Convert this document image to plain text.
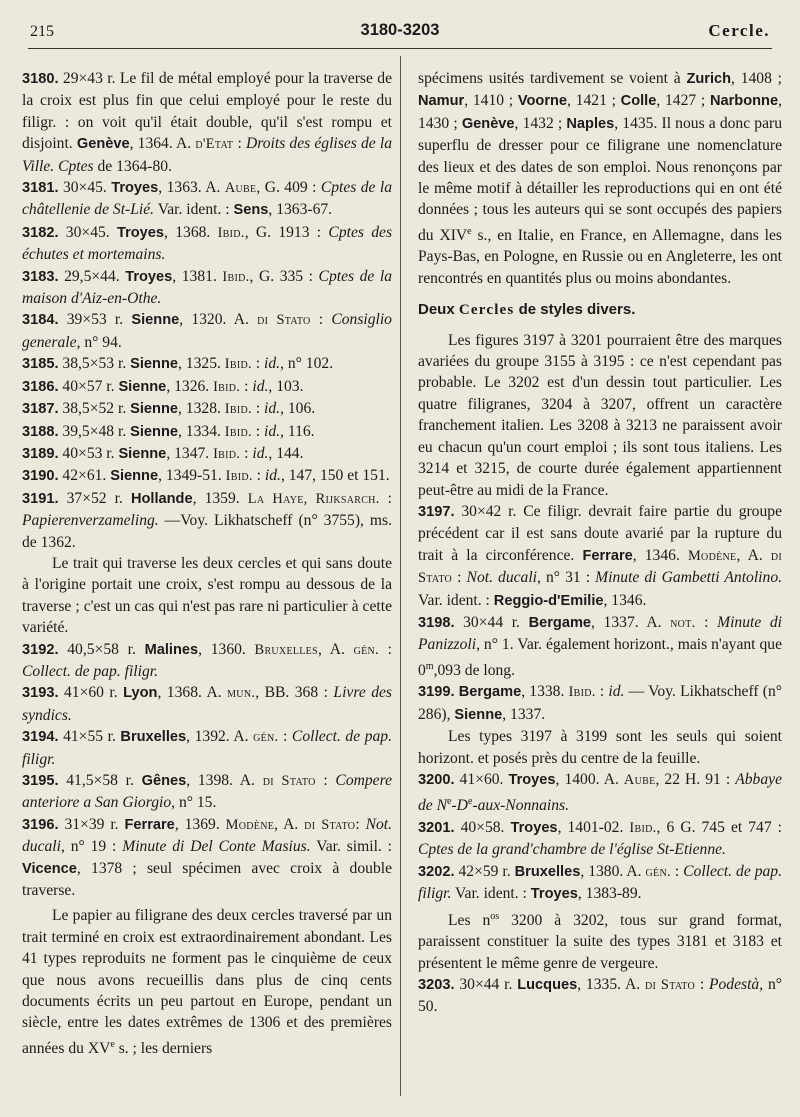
215	3180-3203	Cercle.
3180. 29×43 r. Le fil de métal employé pour la traverse de la croix est plus fin que celui employé pour le reste du filigr. : on voit qu'il était double, qu'il s'est rompu et disjoint. Genève, 1364. A. d'Etat : Droits des églises de la Ville. Cptes de 1364-80.
3181. 30×45. Troyes, 1363. A. Aube, G. 409 : Cptes de la châtellenie de St-Lié. Var. ident. : Sens, 1363-67.
3182. 30×45. Troyes, 1368. Ibid., G. 1913 : Cptes des échutes et mortemains.
3183. 29,5×44. Troyes, 1381. Ibid., G. 335 : Cptes de la maison d'Aiz-en-Othe.
3184. 39×53 r. Sienne, 1320. A. di Stato : Consiglio generale, n° 94.
3185. 38,5×53 r. Sienne, 1325. Ibid. : id., n° 102.
3186. 40×57 r. Sienne, 1326. Ibid. : id., 103.
3187. 38,5×52 r. Sienne, 1328. Ibid. : id., 106.
3188. 39,5×48 r. Sienne, 1334. Ibid. : id., 116.
3189. 40×53 r. Sienne, 1347. Ibid. : id., 144.
3190. 42×61. Sienne, 1349-51. Ibid. : id., 147, 150 et 151.
3191. 37×52 r. Hollande, 1359. La Haye, Rijksarch. : Papierenverzameling. —Voy. Likhatscheff (n° 3755), ms. de 1362.
Le trait qui traverse les deux cercles et qui sans doute à l'origine portait une croix, s'est rompu au dessous de la traverse ; c'est un cas qui n'est pas rare ni particulier à cette variété.
3192. 40,5×58 r. Malines, 1360. Bruxelles, A. gén. : Collect. de pap. filigr.
3193. 41×60 r. Lyon, 1368. A. mun., BB. 368 : Livre des syndics.
3194. 41×55 r. Bruxelles, 1392. A. gén. : Collect. de pap. filigr.
3195. 41,5×58 r. Gênes, 1398. A. di Stato : Compere anteriore a San Giorgio, n° 15.
3196. 31×39 r. Ferrare, 1369. Modène, A. di Stato: Not. ducali, n° 19 : Minute di Del Conte Masius. Var. simil. : Vicence, 1378 ; seul spécimen avec croix à double traverse.
Le papier au filigrane des deux cercles traversé par un trait terminé en croix est extraordinairement abondant. Les 41 types reproduits ne forment pas le cinquième de ceux que nous avons recueillis dans plus de cinq cents documents écrits un peu partout en Europe, pendant un siècle, entre les dates extrêmes de 1306 et des premières années du XVe s. ; les derniers
spécimens usités tardivement se voient à Zurich, 1408 ; Namur, 1410 ; Voorne, 1421 ; Colle, 1427 ; Narbonne, 1430 ; Genève, 1432 ; Naples, 1435. Il nous a donc paru superflu de dresser pour ce filigrane une nomenclature des lieux et des dates de son emploi. Nous renonçons par le même motif à détailler les reproductions qui en ont été données ; tous les auteurs qui se sont occupés des papiers du XIVe s., en Italie, en France, en Allemagne, dans les Pays-Bas, en Pologne, en Russie ou en Angleterre, les ont rencontrés en quantités plus ou moins abondantes.
Deux Cercles de styles divers.
Les figures 3197 à 3201 pourraient être des marques avariées du groupe 3155 à 3195 : ce n'est cependant pas probable. Le 3202 est d'un dessin tout particulier. Les quatre filigranes, 3204 à 3207, offrent un caractère franchement italien. Les 3208 à 3213 ne paraissent avoir eu chacun qu'un court emploi ; ils sont tous italiens. Les 3214 et 3215, de courte durée également appartiennent peut-être au midi de la France.
3197. 30×42 r. Ce filigr. devrait faire partie du groupe précédent car il est sans doute avarié par la rupture du trait à la circonférence. Ferrare, 1346. Modène, A. di Stato : Not. ducali, n° 31 : Minute di Gambetti Antolino. Var. ident. : Reggio-d'Emilie, 1346.
3198. 30×44 r. Bergame, 1337. A. not. : Minute di Panizzoli, n° 1. Var. également horizont., mais n'ayant que 0$^m$,093 de long.
3199. Bergame, 1338. Ibid. : id. — Voy. Likhatscheff (n° 286), Sienne, 1337.
Les types 3197 à 3199 sont les seuls qui soient horizont. et posés près du centre de la feuille.
3200. 41×60. Troyes, 1400. A. Aube, 22 H. 91 : Abbaye de $N^e-De-aux$-Nonnains.
3201. 40×58. Troyes, 1401-02. Ibid., 6 G. 745 et 747 : Cptes de la grand'chambre de l'église St-Etienne.
3202. 42×59 r. Bruxelles, 1380. A. gén. : Collect. de pap. filigr. Var. ident. : Troyes, 1383-89.
Les $n^{os}$ 3200 à 3202, tous sur grand format, paraissent constituer la suite des types 3181 et 3183 et présentent le même genre de vergeure.
3203. 30×44 r. Lucques, 1335. A. di Stato : Podestà, n° 50.
